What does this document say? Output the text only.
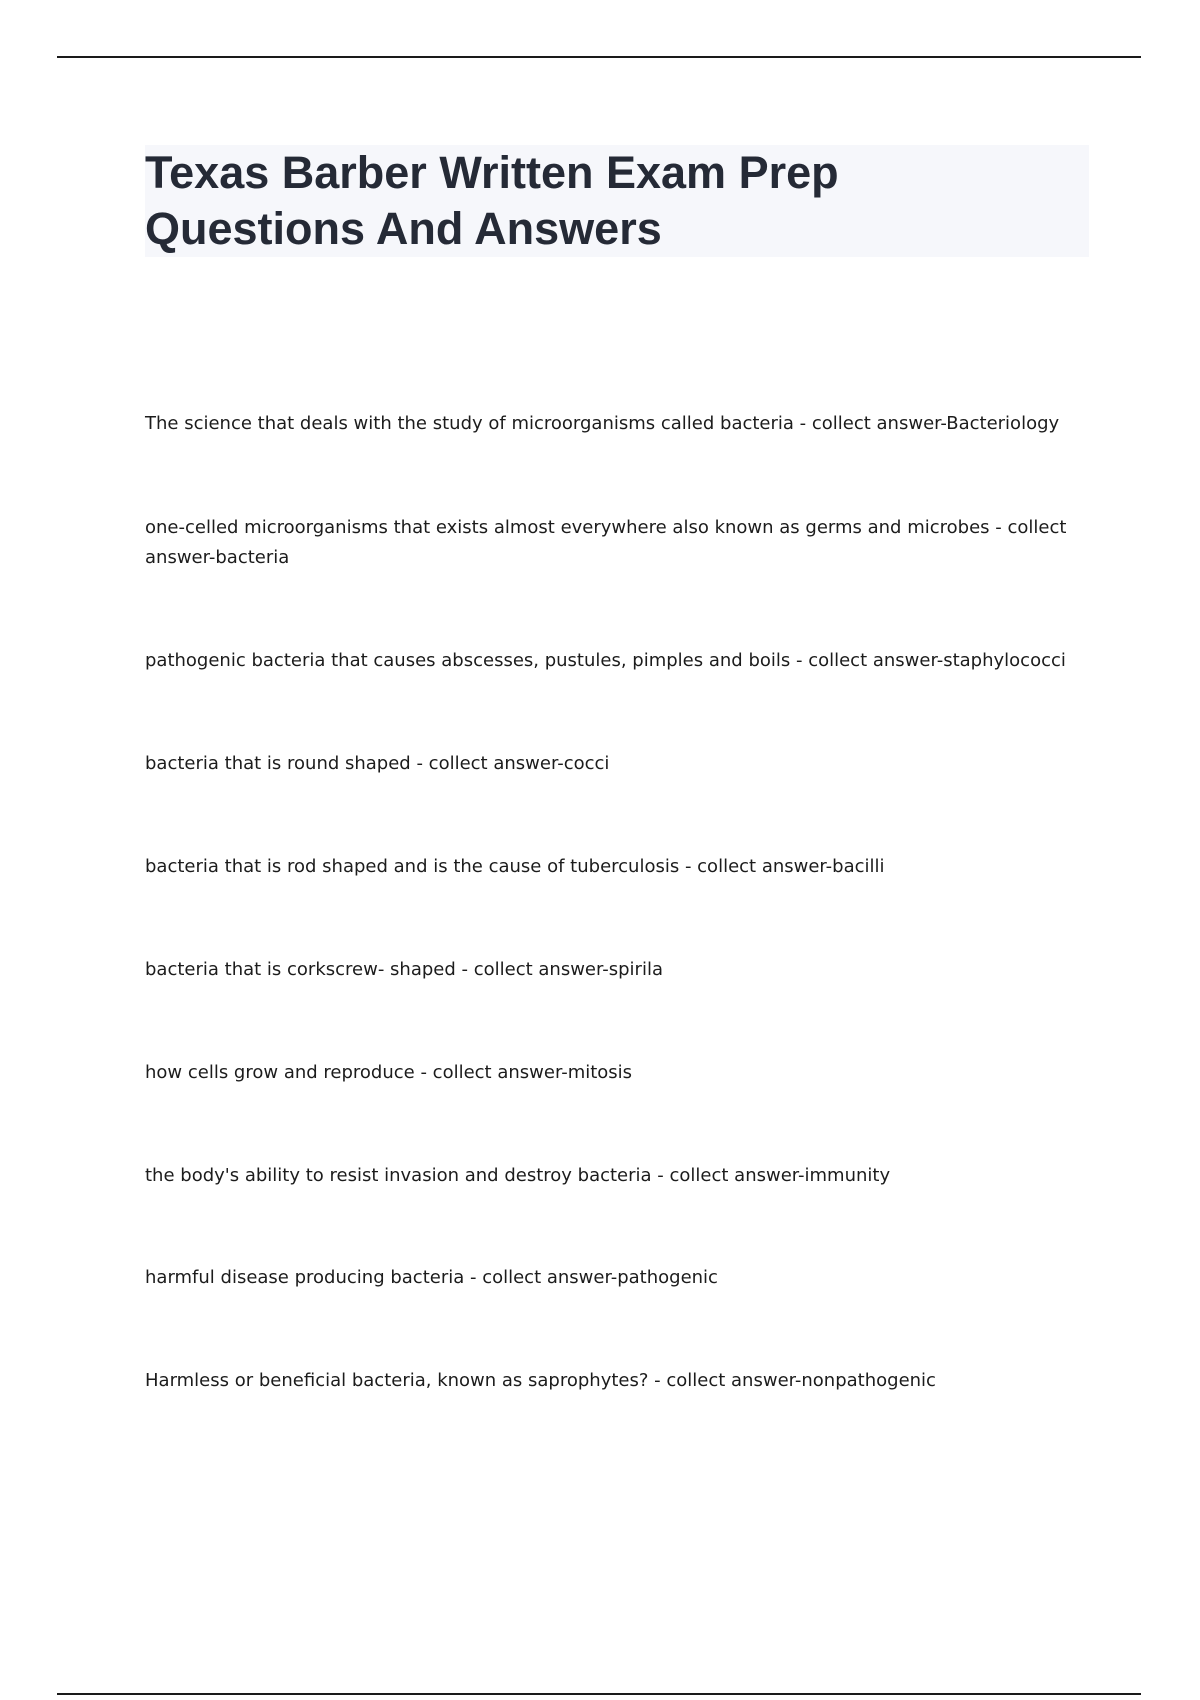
Texas Barber Written Exam Prep
Questions And Answers

The science that deals with the study of microorganisms called bacteria - collect answer-Bacteriology

one-celled microorganisms that exists almost everywhere also known as germs and microbes - collect answer-bacteria

pathogenic bacteria that causes abscesses, pustules, pimples and boils - collect answer-staphylococci

bacteria that is round shaped - collect answer-cocci

bacteria that is rod shaped and is the cause of tuberculosis - collect answer-bacilli

bacteria that is corkscrew- shaped - collect answer-spirila

how cells grow and reproduce - collect answer-mitosis

the body's ability to resist invasion and destroy bacteria - collect answer-immunity

harmful disease producing bacteria - collect answer-pathogenic

Harmless or beneficial bacteria, known as saprophytes? - collect answer-nonpathogenic
